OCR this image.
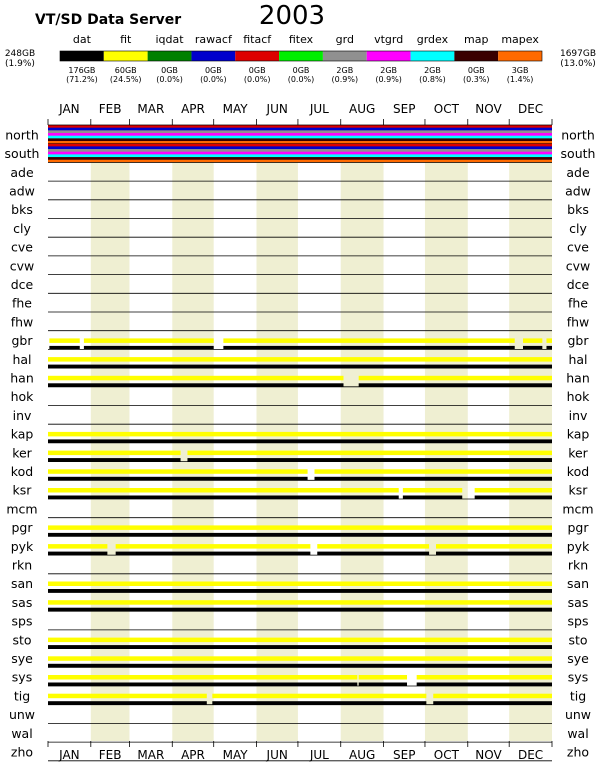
VT/SD Data Server	2003
248GB
(1.9%)
1697GB
(13.0%)
dat
176GB
(71.2%)
fit
60GB
(24.5%)
iqdat
0GB
(0.0%)
rawacf
0GB
(0.0%)
fitacf
0GB
(0.0%)
fitex
0GB
(0.0%)
grd
2GB
(0.9%)
vtgrd
2GB
(0.9%)
grdex
2GB
(0.8%)
map
0GB
(0.3%)
mapex
3GB
(1.4%)
north	north
south	south
ade	ade
adw	adw
bks	bks
cly	cly
cve	cve
cvw	cvw
dce	dce
fhe	fhe
fhw	fhw
gbr	gbr
hal	hal
han	han
hok	hok
inv	inv
kap	kap
ker	ker
kod	kod
ksr	ksr
mcm	mcm
pgr	pgr
pyk	pyk
rkn	rkn
san	san
sas	sas
sps	sps
sto	sto
sye	sye
sys	sys
tig	tig
unw	unw
wal	wal
zho	zho
JAN
JAN
FEB
FEB
MAR
MAR
APR
APR
MAY
MAY
JUN
JUN
JUL
JUL
AUG
AUG
SEP
SEP
OCT
OCT
NOV
NOV
DEC
DEC
